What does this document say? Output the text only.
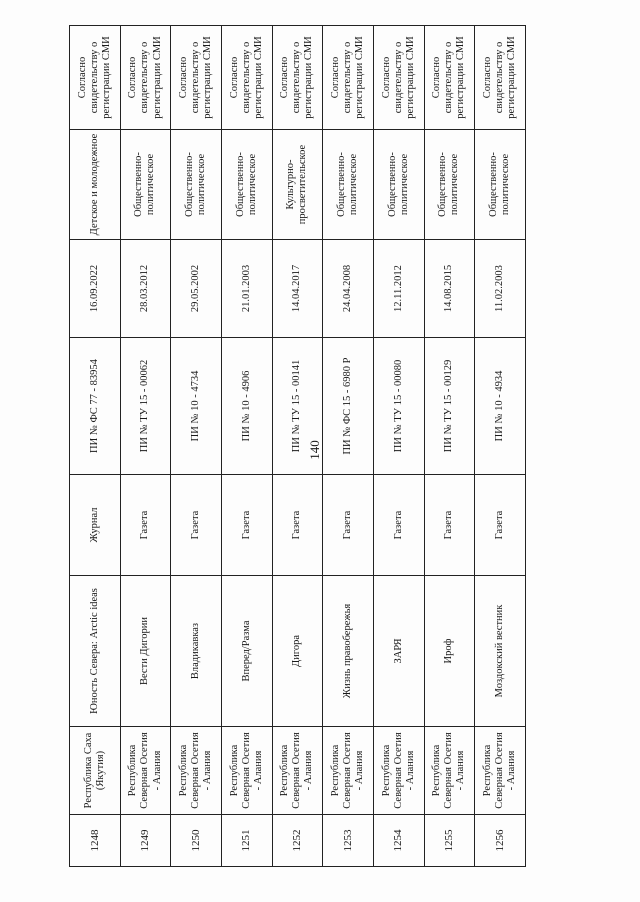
140
1248	Республика Саха (Якутия)	Юность Севера: Arctic ideas	Журнал	ПИ № ФС 77 - 83954	16.09.2022	Детское и молодежное	Согласно свидетельству о регистрации СМИ
1249	Республика Северная Осетия - Алания	Вести Дигории	Газета	ПИ № ТУ 15 - 00062	28.03.2012	Общественно-политическое	Согласно свидетельству о регистрации СМИ
1250	Республика Северная Осетия - Алания	Владикавказ	Газета	ПИ № 10 - 4734	29.05.2002	Общественно-политическое	Согласно свидетельству о регистрации СМИ
1251	Республика Северная Осетия - Алания	Вперед/Разма	Газета	ПИ № 10 - 4906	21.01.2003	Общественно-политическое	Согласно свидетельству о регистрации СМИ
1252	Республика Северная Осетия - Алания	Дигора	Газета	ПИ № ТУ 15 - 00141	14.04.2017	Культурно-просветительское	Согласно свидетельству о регистрации СМИ
1253	Республика Северная Осетия - Алания	Жизнь правобережья	Газета	ПИ № ФС 15 - 6980 Р	24.04.2008	Общественно-политическое	Согласно свидетельству о регистрации СМИ
1254	Республика Северная Осетия - Алания	ЗАРЯ	Газета	ПИ № ТУ 15 - 00080	12.11.2012	Общественно-политическое	Согласно свидетельству о регистрации СМИ
1255	Республика Северная Осетия - Алания	Ироф	Газета	ПИ № ТУ 15 - 00129	14.08.2015	Общественно-политическое	Согласно свидетельству о регистрации СМИ
1256	Республика Северная Осетия - Алания	Моздокский вестник	Газета	ПИ № 10 - 4934	11.02.2003	Общественно-политическое	Согласно свидетельству о регистрации СМИ
